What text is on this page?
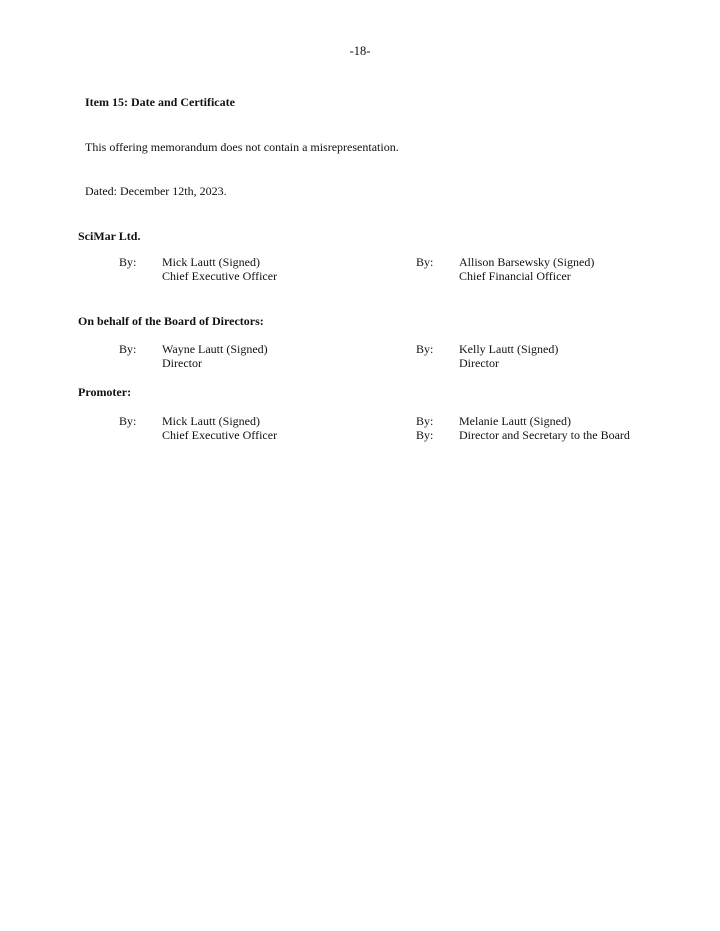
-18-
Item 15: Date and Certificate
This offering memorandum does not contain a misrepresentation.
Dated: December 12th, 2023.
SciMar Ltd.
By: Mick Lautt (Signed)
Chief Executive Officer
By: Allison Barsewsky (Signed)
Chief Financial Officer
On behalf of the Board of Directors:
By: Wayne Lautt (Signed)
Director
By: Kelly Lautt (Signed)
Director
Promoter:
By: Mick Lautt (Signed)
Chief Executive Officer
By:
By:
Melanie Lautt (Signed)
Director and Secretary to the Board
